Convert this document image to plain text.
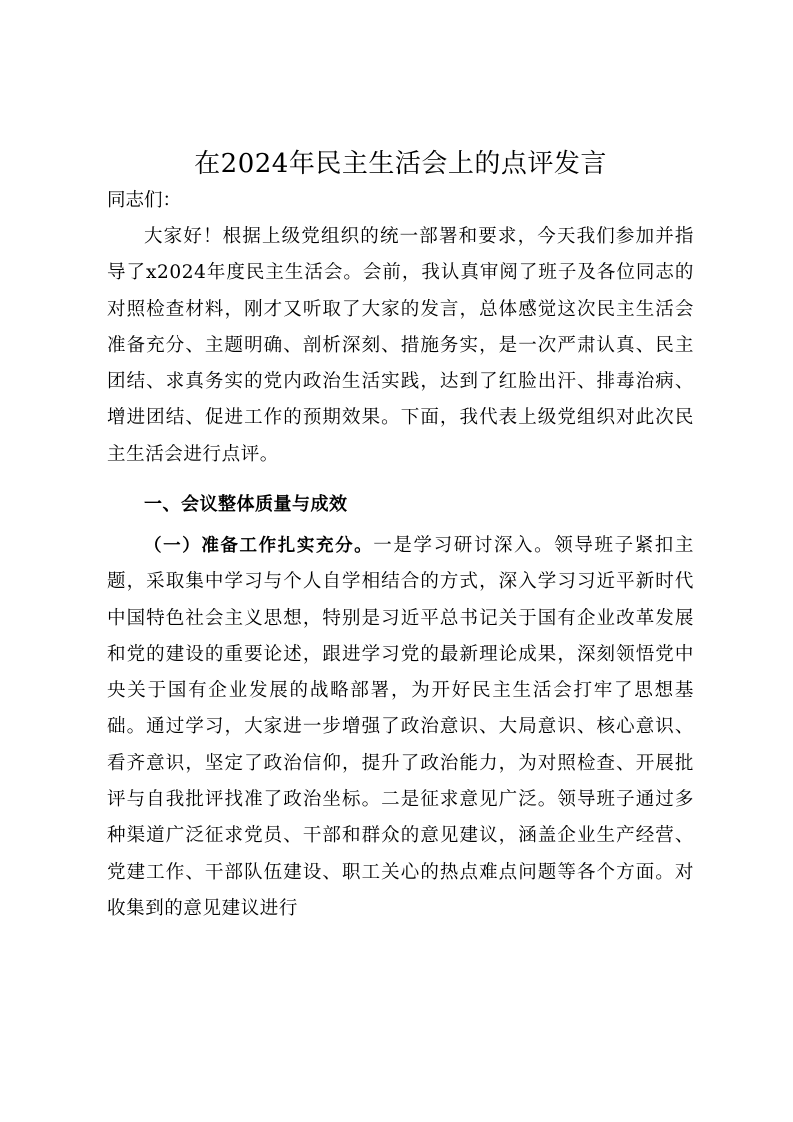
在2024年民主生活会上的点评发言
同志们：

大家好！根据上级党组织的统一部署和要求，今天我们参加并指导了x2024年度民主生活会。会前，我认真审阅了班子及各位同志的对照检查材料，刚才又听取了大家的发言，总体感觉这次民主生活会准备充分、主题明确、剖析深刻、措施务实，是一次严肃认真、民主团结、求真务实的党内政治生活实践，达到了红脸出汗、排毒治病、增进团结、促进工作的预期效果。下面，我代表上级党组织对此次民主生活会进行点评。

一、会议整体质量与成效

（一）准备工作扎实充分。一是学习研讨深入。领导班子紧扣主题，采取集中学习与个人自学相结合的方式，深入学习习近平新时代中国特色社会主义思想，特别是习近平总书记关于国有企业改革发展和党的建设的重要论述，跟进学习党的最新理论成果，深刻领悟党中央关于国有企业发展的战略部署，为开好民主生活会打牢了思想基础。通过学习，大家进一步增强了政治意识、大局意识、核心意识、看齐意识，坚定了政治信仰，提升了政治能力，为对照检查、开展批评与自我批评找准了政治坐标。二是征求意见广泛。领导班子通过多种渠道广泛征求党员、干部和群众的意见建议，涵盖企业生产经营、党建工作、干部队伍建设、职工关心的热点难点问题等各个方面。对收集到的意见建议进行
